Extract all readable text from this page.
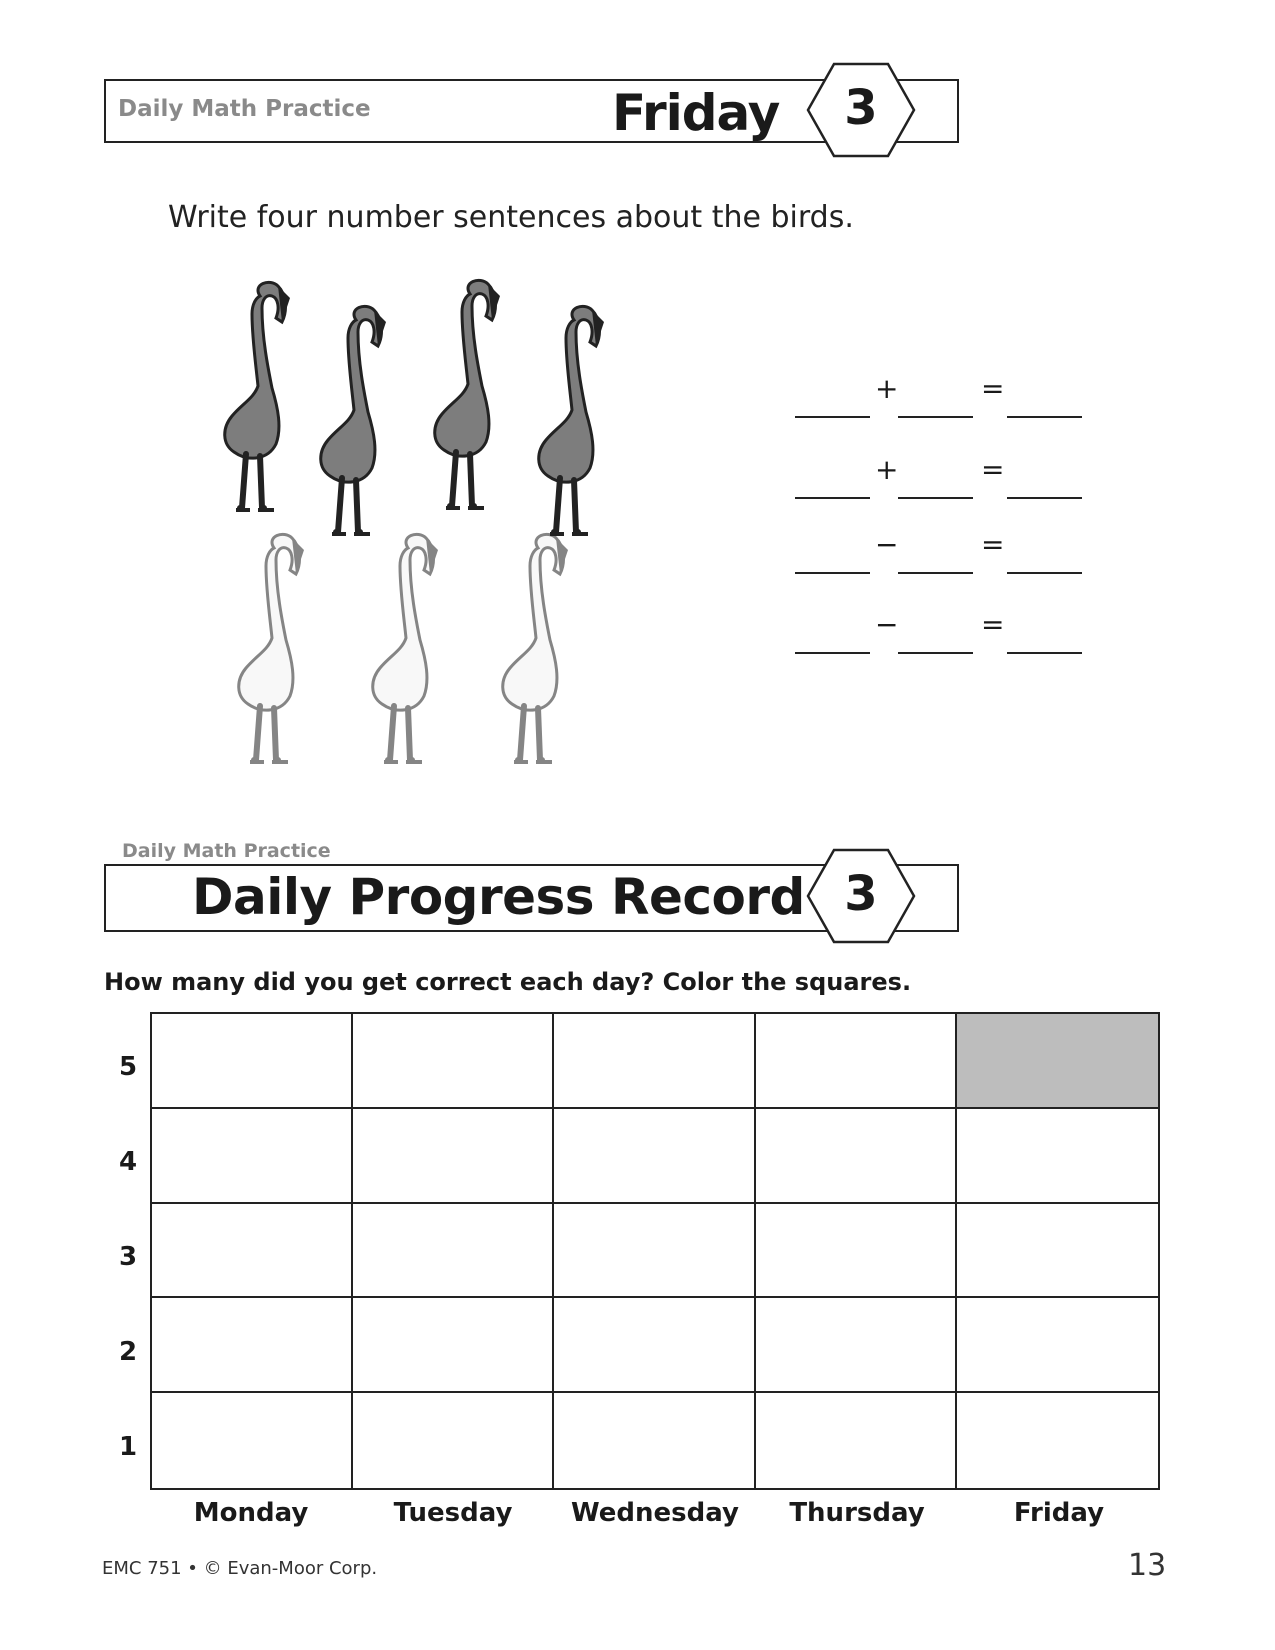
Daily Math Practice	Friday 3
Write four number sentences about the birds.
+	=
+	=
−	=
−	=
Daily Math Practice
Daily Progress Record 3
How many did you get correct each day? Color the squares.
5
4
3
2
1
Monday	Tuesday	Wednesday	Thursday	Friday
EMC 751 • © Evan-Moor Corp.	13
